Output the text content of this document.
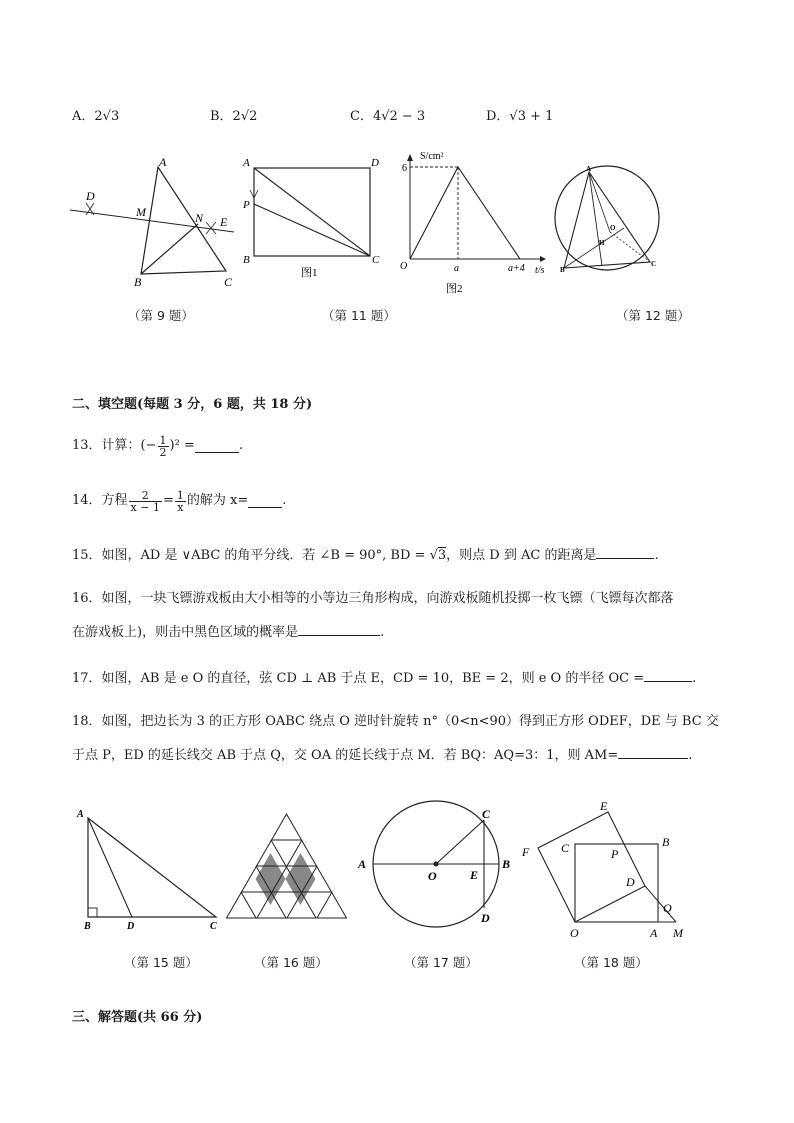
A．2√3	B．2√2	C．4√2 − 3	D．√3 + 1
A
D
M	N E
B	C
（第 9 题）
A	D
P
B	C
图1
（第 11 题）
S/cm²
6
O	a	a+4 t/s
图2
A
O
H
B
C
（第 12 题）
二、填空题(每题 3 分，6 题，共 18 分)
13．计算：(− $\frac{1}{2} )^2$ =	.
14．方程 $\frac{2}{x - 1} = \frac{1}{x}$ 的解为 x=	.
15．如图，AD 是 ∨ABC 的角平分线．若 ∠B = 90°, BD = √3，则点 D 到 AC 的距离是	.
16．如图，一块飞镖游戏板由大小相等的小等边三角形构成，向游戏板随机投掷一枚飞镖（飞镖每次都落
在游戏板上)，则击中黑色区域的概率是	.
17．如图，AB 是 e O 的直径，弦 CD ⊥ AB 于点 E，CD = 10，BE = 2，则 e O 的半径 OC =	.
18．如图，把边长为 3 的正方形 OABC 绕点 O 逆时针旋转 n°（0<n<90）得到正方形 ODEF，DE 与 BC 交
于点 P，ED 的延长线交 AB 于点 Q，交 OA 的延长线于点 M．若 BQ：AQ=3：1，则 AM=	.
A
B	D	C
（第 15 题）	（第 16 题）
C
A
O	E
B
D
（第 17 题）
E
F	C	B
P
D
Q
O	A M
（第 18 题）
三、解答题(共 66 分)
